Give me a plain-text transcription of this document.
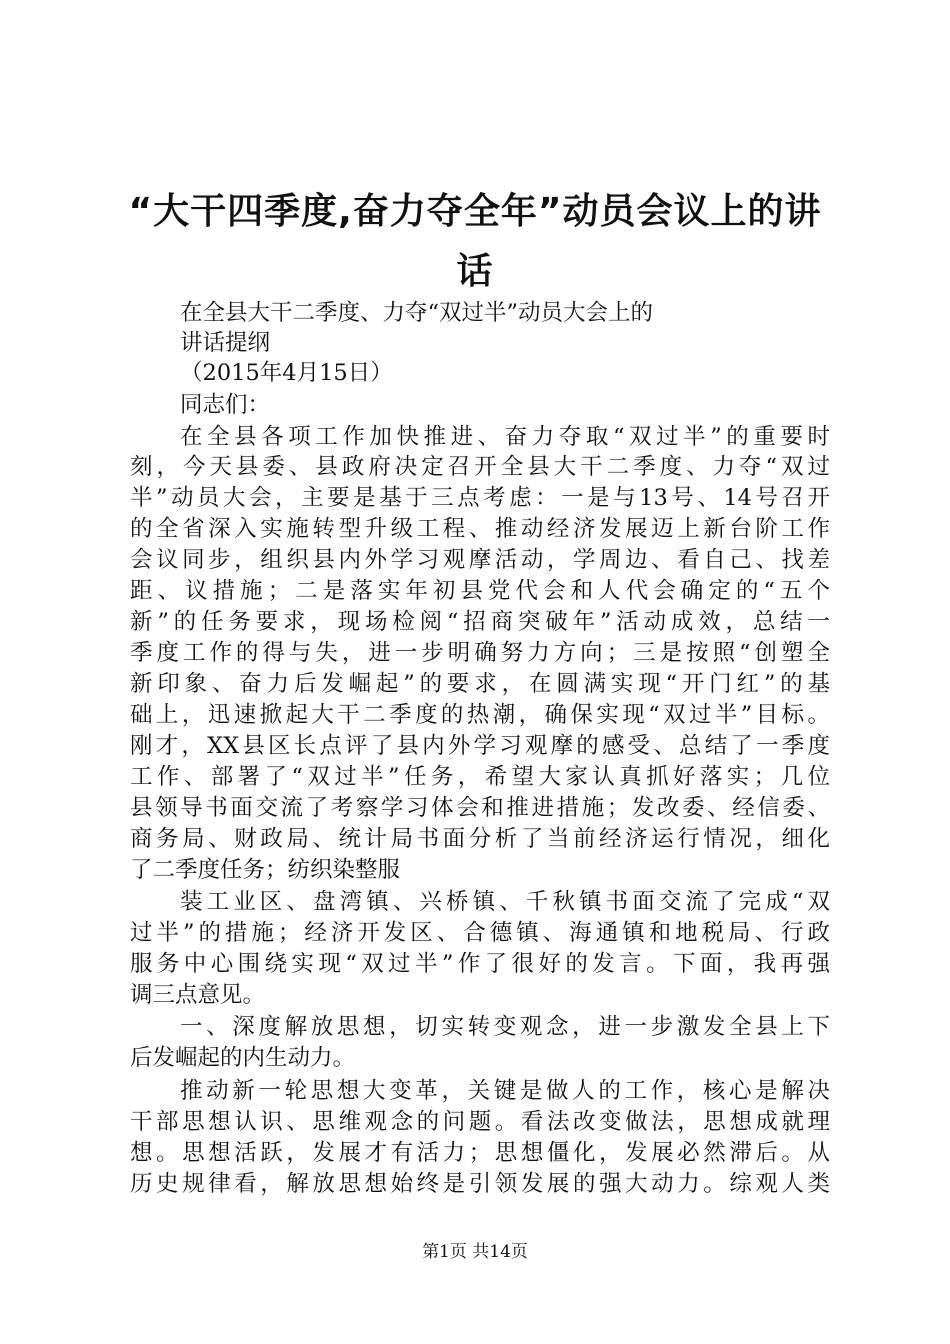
“大干四季度,奋力夺全年”动员会议上的讲
话

在全县大干二季度、力夺“双过半”动员大会上的

讲话提纲

（2015年4月15日）

同志们：

在全县各项工作加快推进、奋力夺取“双过半”的重要时

刻，今天县委、县政府决定召开全县大干二季度、力夺“双过

半”动员大会，主要是基于三点考虑：一是与13号、14号召开

的全省深入实施转型升级工程、推动经济发展迈上新台阶工作

会议同步，组织县内外学习观摩活动，学周边、看自己、找差

距、议措施；二是落实年初县党代会和人代会确定的“五个

新”的任务要求，现场检阅“招商突破年”活动成效，总结一

季度工作的得与失，进一步明确努力方向；三是按照“创塑全

新印象、奋力后发崛起”的要求，在圆满实现“开门红”的基

础上，迅速掀起大干二季度的热潮，确保实现“双过半”目标。

刚才，XX县区长点评了县内外学习观摩的感受、总结了一季度

工作、部署了“双过半”任务，希望大家认真抓好落实；几位

县领导书面交流了考察学习体会和推进措施；发改委、经信委、

商务局、财政局、统计局书面分析了当前经济运行情况，细化

了二季度任务；纺织染整服

装工业区、盘湾镇、兴桥镇、千秋镇书面交流了完成“双

过半”的措施；经济开发区、合德镇、海通镇和地税局、行政

服务中心围绕实现“双过半”作了很好的发言。下面，我再强

调三点意见。

一、深度解放思想，切实转变观念，进一步激发全县上下

后发崛起的内生动力。

推动新一轮思想大变革，关键是做人的工作，核心是解决

干部思想认识、思维观念的问题。看法改变做法，思想成就理

想。思想活跃，发展才有活力；思想僵化，发展必然滞后。从

历史规律看，解放思想始终是引领发展的强大动力。综观人类

第1页 共14页
